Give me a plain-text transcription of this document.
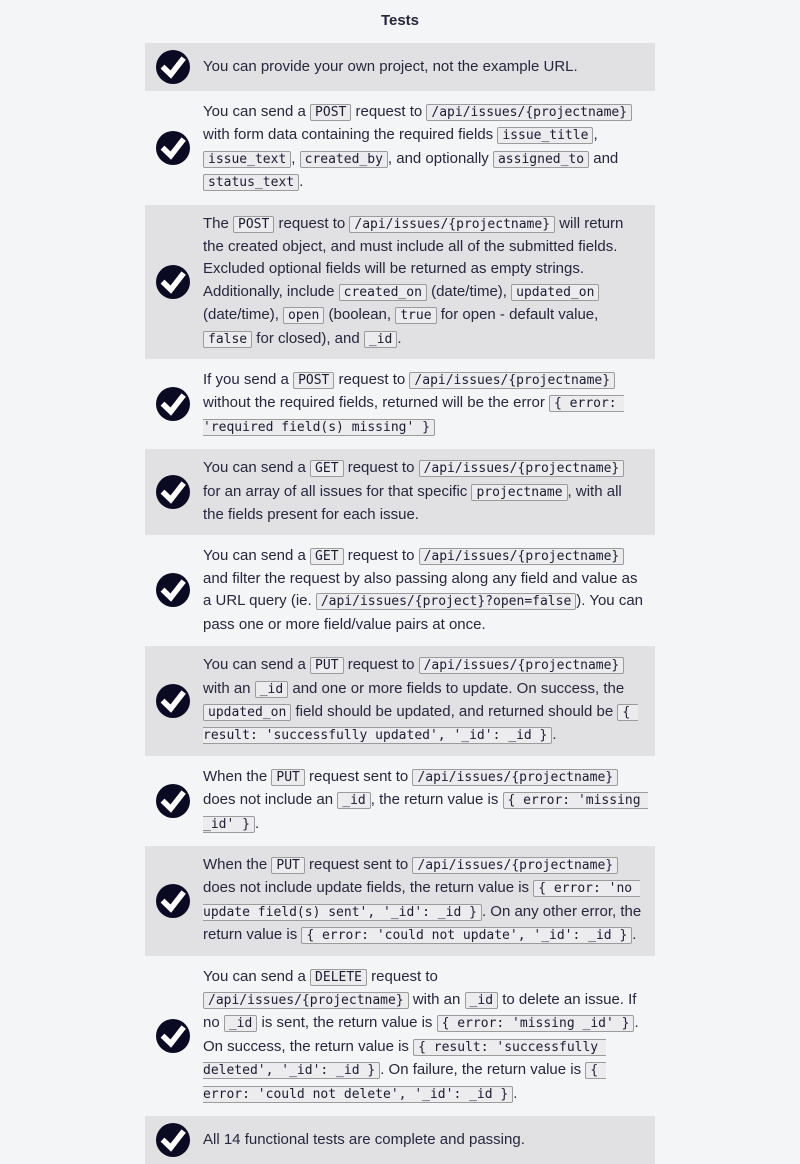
Tests

You can provide your own project, not the example URL.

You can send a POST request to /api/issues/{projectname} with form data containing the required fields issue_title , issue_text , created_by , and optionally assigned_to and status_text .

The POST request to /api/issues/{projectname} will return the created object, and must include all of the submitted fields. Excluded optional fields will be returned as empty strings. Additionally, include created_on (date/time), updated_on (date/time), open (boolean, true for open - default value, false for closed), and _id .

If you send a POST request to /api/issues/{projectname} without the required fields, returned will be the error { error: 'required field(s) missing' }

You can send a GET request to /api/issues/{projectname} for an array of all issues for that specific projectname , with all the fields present for each issue.

You can send a GET request to /api/issues/{projectname} and filter the request by also passing along any field and value as a URL query (ie. /api/issues/{project}?open=false ). You can pass one or more field/value pairs at once.

You can send a PUT request to /api/issues/{projectname} with an _id and one or more fields to update. On success, the updated_on field should be updated, and returned should be { result: 'successfully updated', '_id': _id } .

When the PUT request sent to /api/issues/{projectname} does not include an _id , the return value is { error: 'missing _id' } .

When the PUT request sent to /api/issues/{projectname} does not include update fields, the return value is { error: 'no update field(s) sent', '_id': _id } . On any other error, the return value is { error: 'could not update', '_id': _id } .

You can send a DELETE request to /api/issues/{projectname} with an _id to delete an issue. If no _id is sent, the return value is { error: 'missing _id' } . On success, the return value is { result: 'successfully deleted', '_id': _id } . On failure, the return value is { error: 'could not delete', '_id': _id } .

All 14 functional tests are complete and passing.
